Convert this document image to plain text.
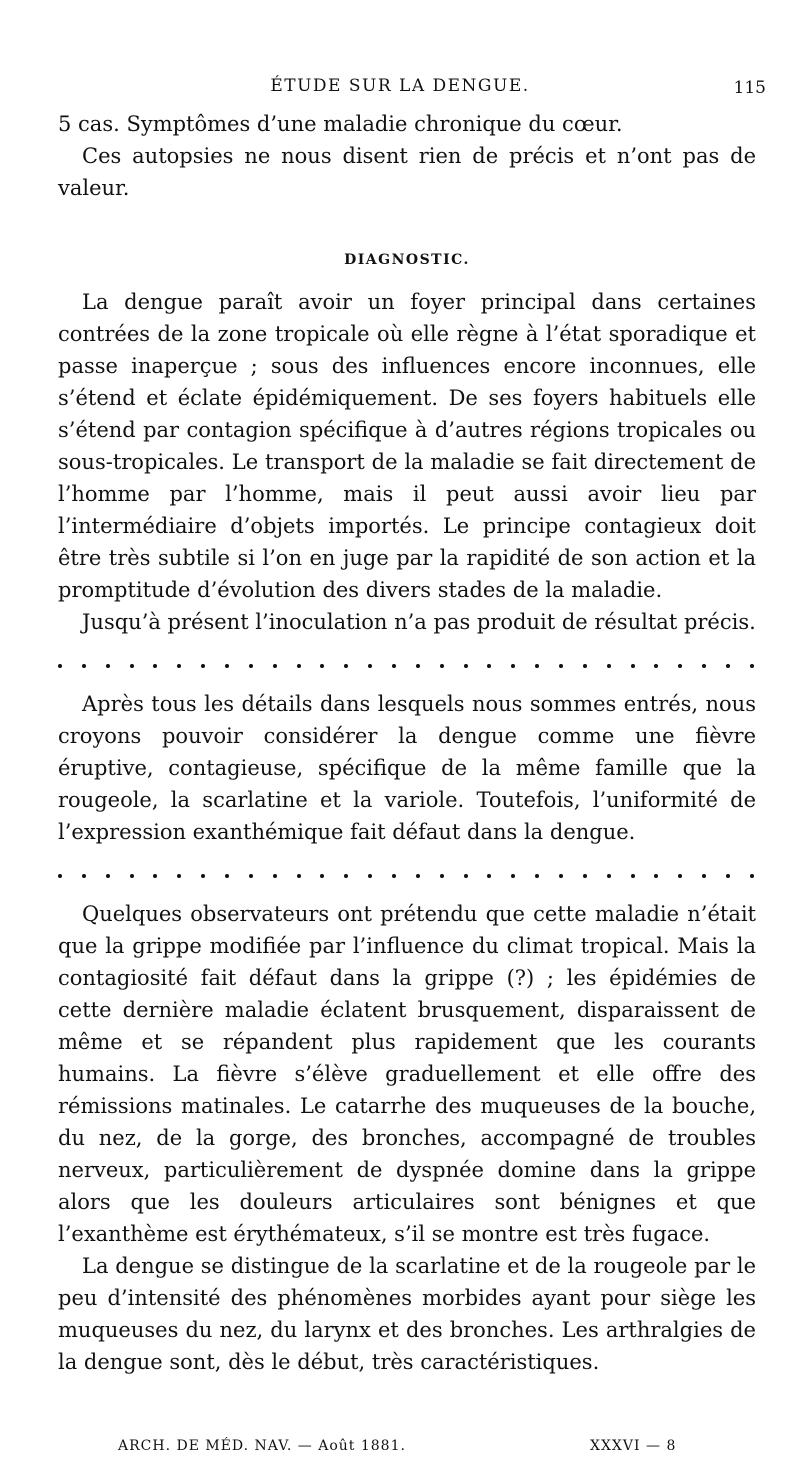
ÉTUDE SUR LA DENGUE.	115

5 cas. Symptômes d’une maladie chronique du cœur.

Ces autopsies ne nous disent rien de précis et n’ont pas de valeur.

DIAGNOSTIC.

La dengue paraît avoir un foyer principal dans certaines contrées de la zone tropicale où elle règne à l’état sporadique et passe inaperçue ; sous des influences encore inconnues, elle s’étend et éclate épidémiquement. De ses foyers habituels elle s’étend par contagion spécifique à d’autres régions tropicales ou sous-tropicales. Le transport de la maladie se fait directement de l’homme par l’homme, mais il peut aussi avoir lieu par l’intermédiaire d’objets importés. Le principe contagieux doit être très subtile si l’on en juge par la rapidité de son action et la promptitude d’évolution des divers stades de la maladie.

Jusqu’à présent l’inoculation n’a pas produit de résultat précis.

Après tous les détails dans lesquels nous sommes entrés, nous croyons pouvoir considérer la dengue comme une fièvre éruptive, contagieuse, spécifique de la même famille que la rougeole, la scarlatine et la variole. Toutefois, l’uniformité de l’expression exanthémique fait défaut dans la dengue.

Quelques observateurs ont prétendu que cette maladie n’était que la grippe modifiée par l’influence du climat tropical. Mais la contagiosité fait défaut dans la grippe (?) ; les épidémies de cette dernière maladie éclatent brusquement, disparaissent de même et se répandent plus rapidement que les courants humains. La fièvre s’élève graduellement et elle offre des rémissions matinales. Le catarrhe des muqueuses de la bouche, du nez, de la gorge, des bronches, accompagné de troubles nerveux, particulièrement de dyspnée domine dans la grippe alors que les douleurs articulaires sont bénignes et que l’exanthème est érythémateux, s’il se montre est très fugace.

La dengue se distingue de la scarlatine et de la rougeole par le peu d’intensité des phénomènes morbides ayant pour siège les muqueuses du nez, du larynx et des bronches. Les arthralgies de la dengue sont, dès le début, très caractéristiques.

ARCH. DE MÉD. NAV. — Août 1881.	XXXVI — 8
